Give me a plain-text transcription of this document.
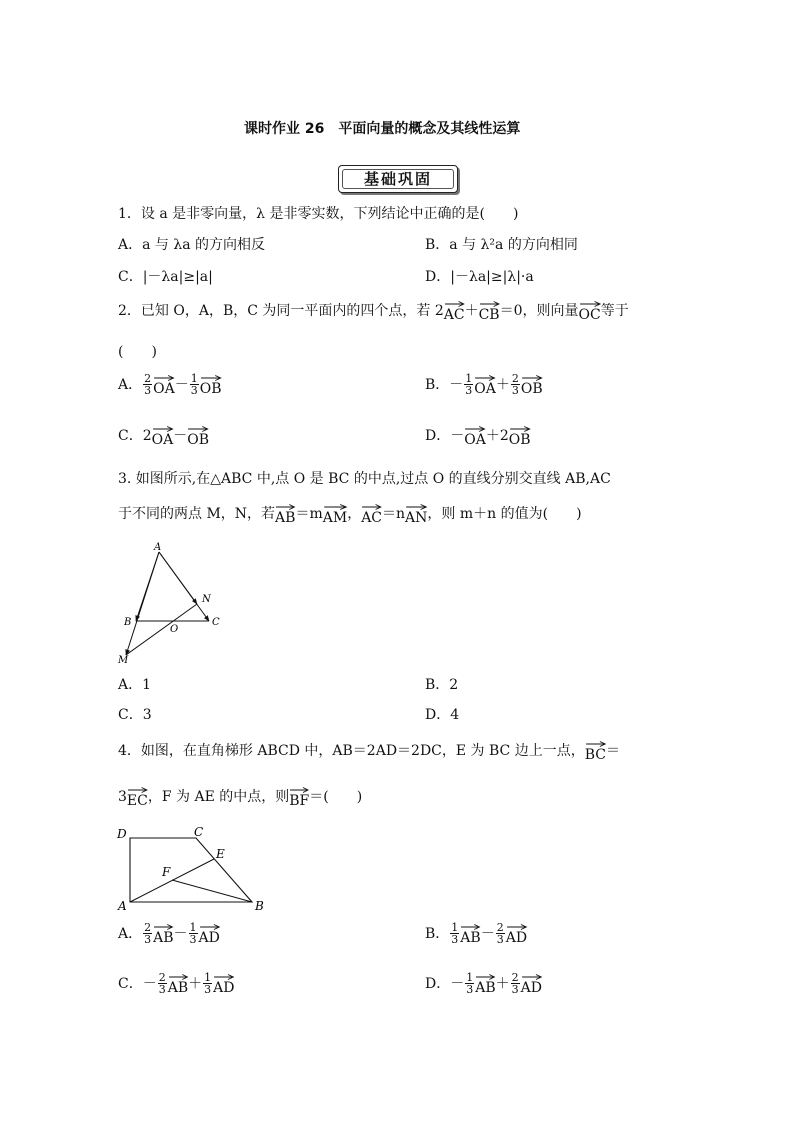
课时作业 26　平面向量的概念及其线性运算
基础巩固
1．设 a 是非零向量，λ 是非零实数，下列结论中正确的是(　　)
A．a 与 λa 的方向相反	B．a 与 λ²a 的方向相同
C．|－λa|≥|a|	D．|－λa|≥|λ|·a
2．已知 O，A，B，C 为同一平面内的四个点，若 2 AC ＋ CB ＝0，则向量 OC 等于
(　　)
A． $\frac{2}{3}$ OA － $\frac{1}{3}$ OB	B． － $\frac{1}{3}$ OA ＋ $\frac{2}{3}$ OB
C． 2 OA － OB	D． － OA ＋ 2 OB
3. 如图所示,在△ABC 中,点 O 是 BC 的中点,过点 O 的直线分别交直线 AB,AC
于不同的两点 M，N，若 AB ＝m AM ， AC ＝n AN ，则 m＋n 的值为(　　)
A
B	C
N
O
M
A．1	B．2
C．3	D．4
4．如图，在直角梯形 ABCD 中，AB＝2AD＝2DC，E 为 BC 边上一点， BC ＝
3 EC ，F 为 AE 的中点，则 BF ＝(　　)
D	C
E
F
A	B
A． $\frac{2}{3}$ AB － $\frac{1}{3}$ AD	B． $\frac{1}{3}$ AB － $\frac{2}{3}$ AD
C． － $\frac{2}{3}$ AB ＋ $\frac{1}{3}$ AD	D． － $\frac{1}{3}$ AB ＋ $\frac{2}{3}$ AD
